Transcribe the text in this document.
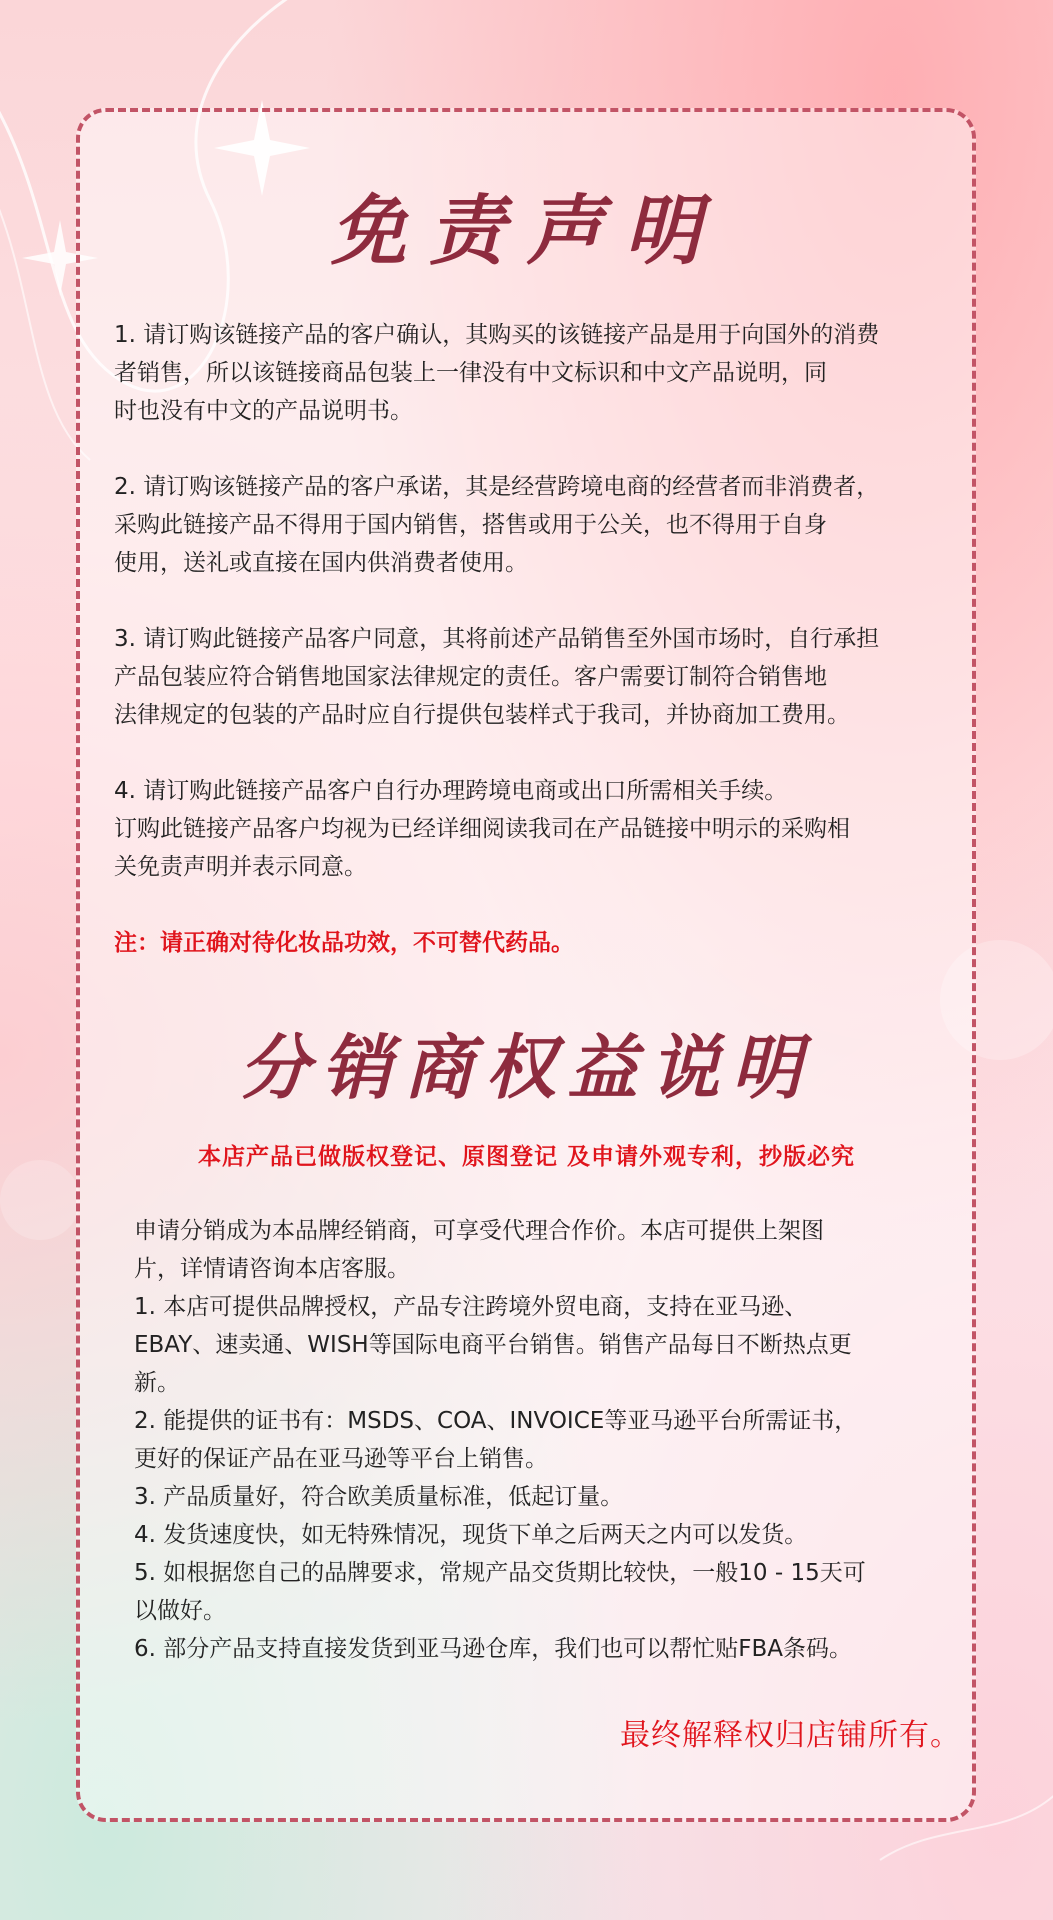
免责声明

1. 请订购该链接产品的客户确认，其购买的该链接产品是用于向国外的消费
者销售，所以该链接商品包装上一律没有中文标识和中文产品说明，同
时也没有中文的产品说明书。

2. 请订购该链接产品的客户承诺，其是经营跨境电商的经营者而非消费者，
采购此链接产品不得用于国内销售，搭售或用于公关，也不得用于自身
使用，送礼或直接在国内供消费者使用。

3. 请订购此链接产品客户同意，其将前述产品销售至外国市场时，自行承担
产品包装应符合销售地国家法律规定的责任。客户需要订制符合销售地
法律规定的包装的产品时应自行提供包装样式于我司，并协商加工费用。

4. 请订购此链接产品客户自行办理跨境电商或出口所需相关手续。
订购此链接产品客户均视为已经详细阅读我司在产品链接中明示的采购相
关免责声明并表示同意。

注：请正确对待化妆品功效，不可替代药品。

分销商权益说明
本店产品已做版权登记、原图登记 及申请外观专利，抄版必究
申请分销成为本品牌经销商，可享受代理合作价。本店可提供上架图
片，详情请咨询本店客服。
1. 本店可提供品牌授权，产品专注跨境外贸电商，支持在亚马逊、
EBAY、速卖通、WISH等国际电商平台销售。销售产品每日不断热点更
新。
2. 能提供的证书有：MSDS、COA、INVOICE等亚马逊平台所需证书，
更好的保证产品在亚马逊等平台上销售。
3. 产品质量好，符合欧美质量标准，低起订量。
4. 发货速度快，如无特殊情况，现货下单之后两天之内可以发货。
5. 如根据您自己的品牌要求，常规产品交货期比较快，一般10 - 15天可
以做好。
6. 部分产品支持直接发货到亚马逊仓库，我们也可以帮忙贴FBA条码。
最终解释权归店铺所有。
